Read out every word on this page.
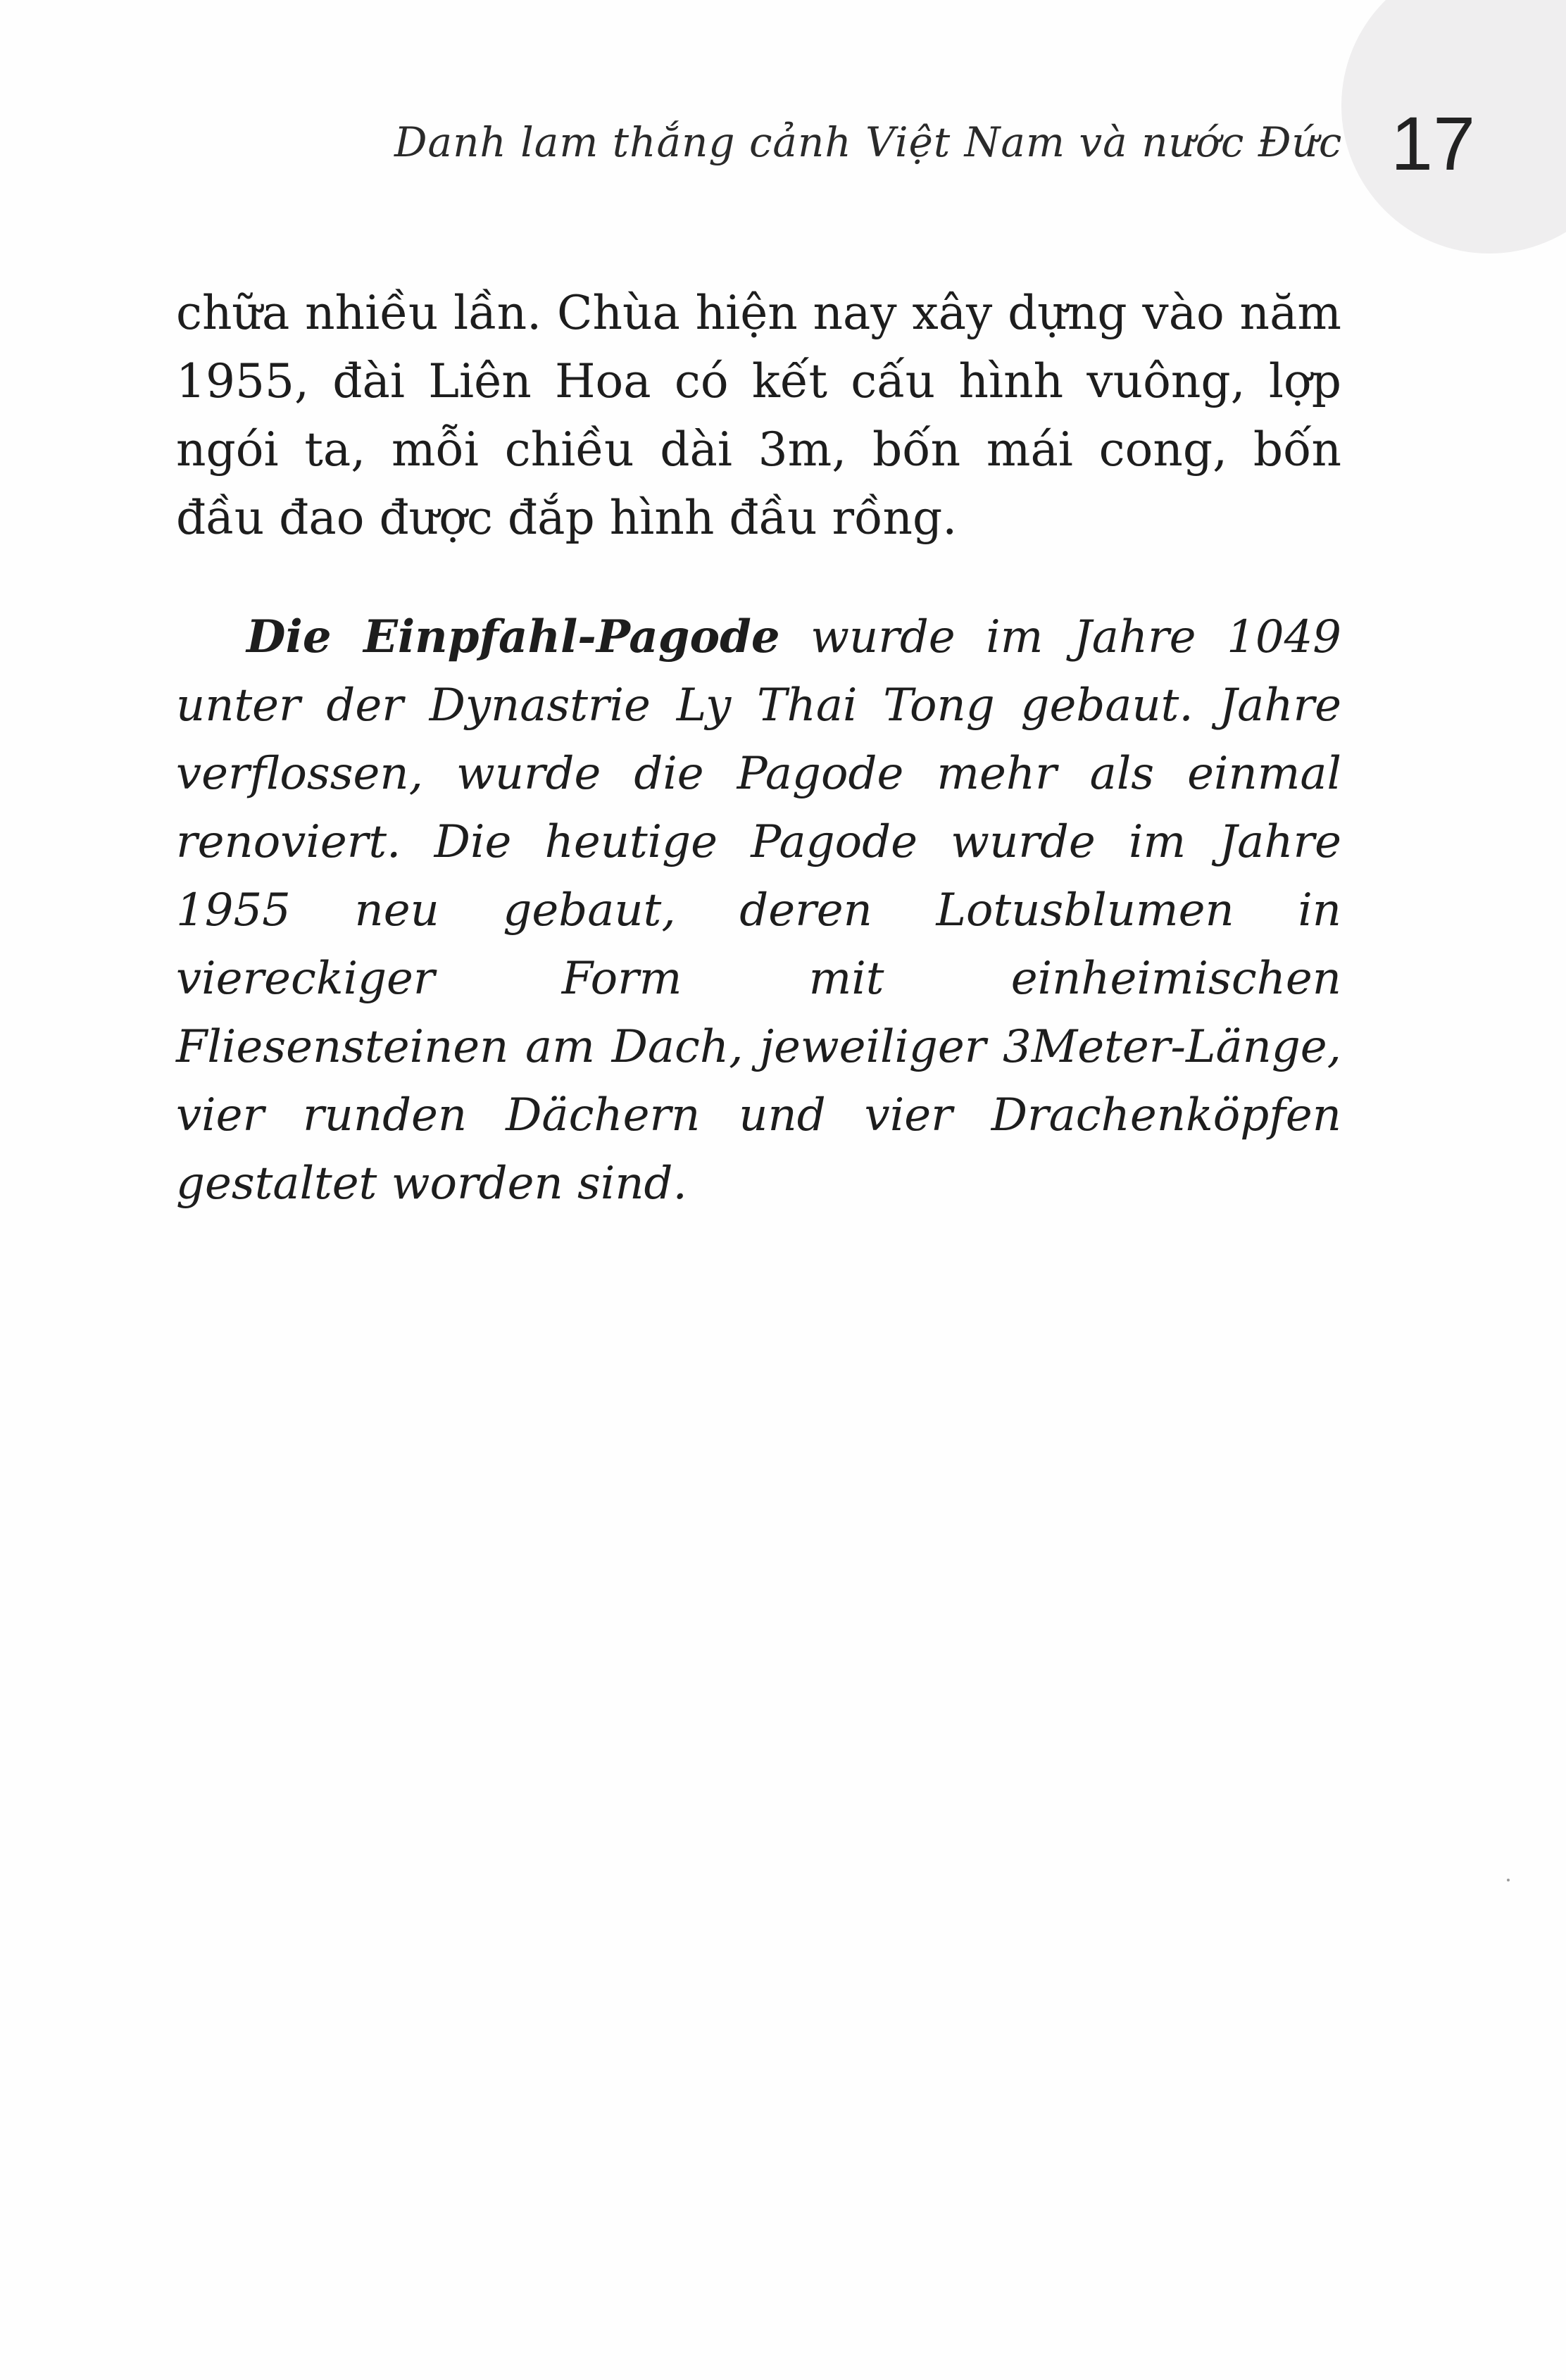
Danh lam thắng cảnh Việt Nam và nước Đức 17

chữa nhiều lần. Chùa hiện nay xây dựng vào năm 1955, đài Liên Hoa có kết cấu hình vuông, lợp ngói ta, mỗi chiều dài 3m, bốn mái cong, bốn đầu đao được đắp hình đầu rồng.

Die Einpfahl-Pagode wurde im Jahre 1049 unter der Dynastrie Ly Thai Tong gebaut. Jahre verflossen, wurde die Pagode mehr als einmal renoviert. Die heutige Pagode wurde im Jahre 1955 neu gebaut, deren Lotusblumen in viereckiger Form mit einheimischen Fliesensteinen am Dach, jeweiliger 3Meter-Länge, vier runden Dächern und vier Drachenköpfen gestaltet worden sind.
